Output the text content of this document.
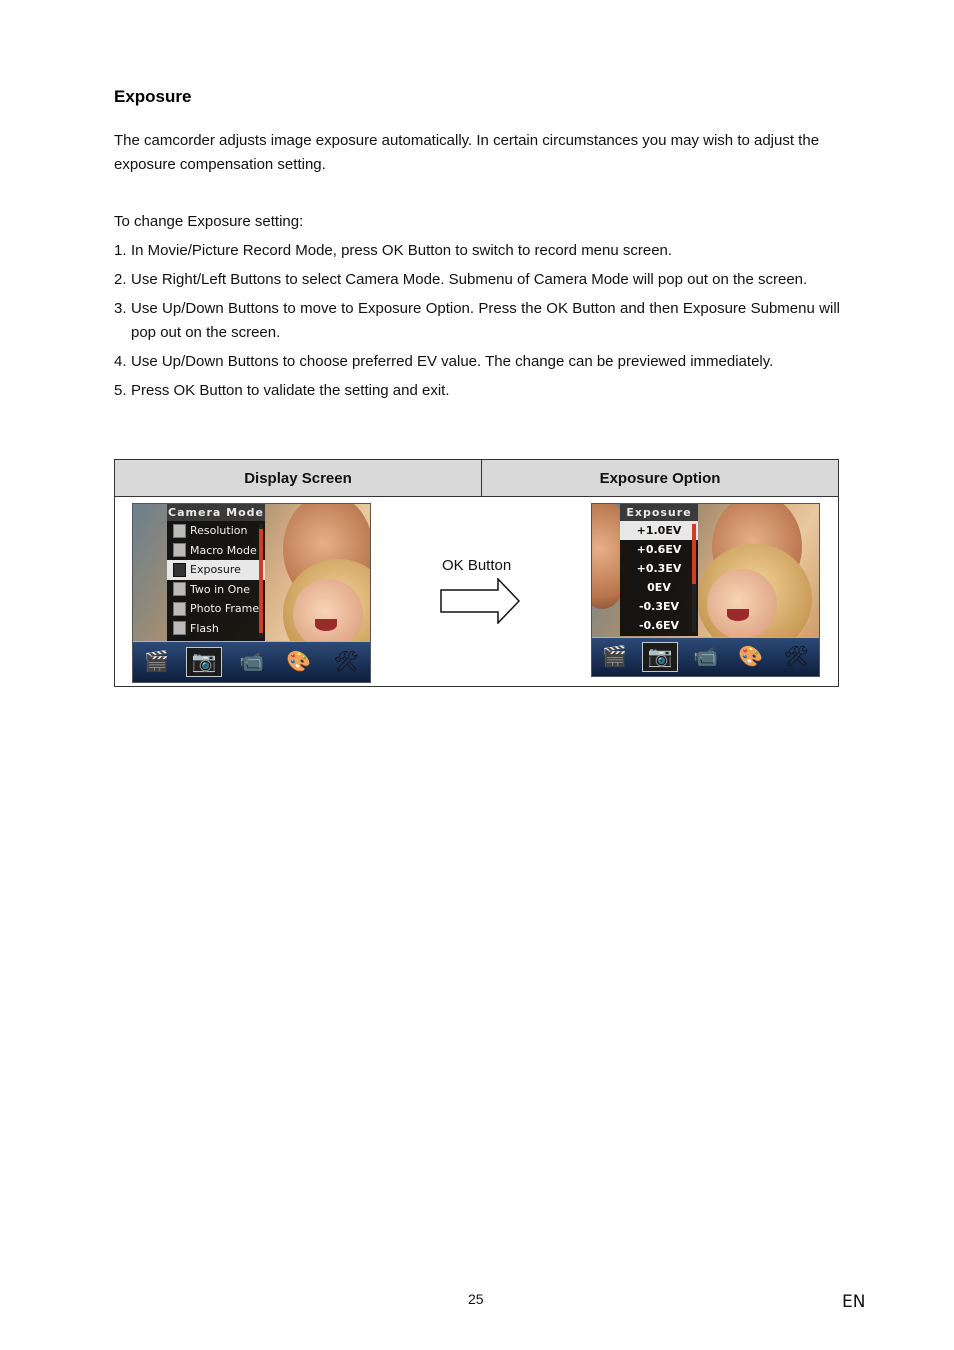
Exposure
The camcorder adjusts image exposure automatically. In certain circumstances you may wish to adjust the exposure compensation setting.
To change Exposure setting:
1. In Movie/Picture Record Mode, press OK Button to switch to record menu screen.
2. Use Right/Left Buttons to select Camera Mode. Submenu of Camera Mode will pop out on the screen.
3. Use Up/Down Buttons to move to Exposure Option. Press the OK Button and then Exposure Submenu will pop out on the screen.
4. Use Up/Down Buttons to choose preferred EV value. The change can be previewed immediately.
5. Press OK Button to validate the setting and exit.
Display Screen	Exposure Option
Camera Mode
Resolution
Macro Mode
Exposure
Two in One
Photo Frame
Flash
🎬 📷 📹 🎨 🛠
OK Button
Exposure
+1.0EV
+0.6EV
+0.3EV
0EV
-0.3EV
-0.6EV
🎬 📷 📹 🎨 🛠
25	EN
